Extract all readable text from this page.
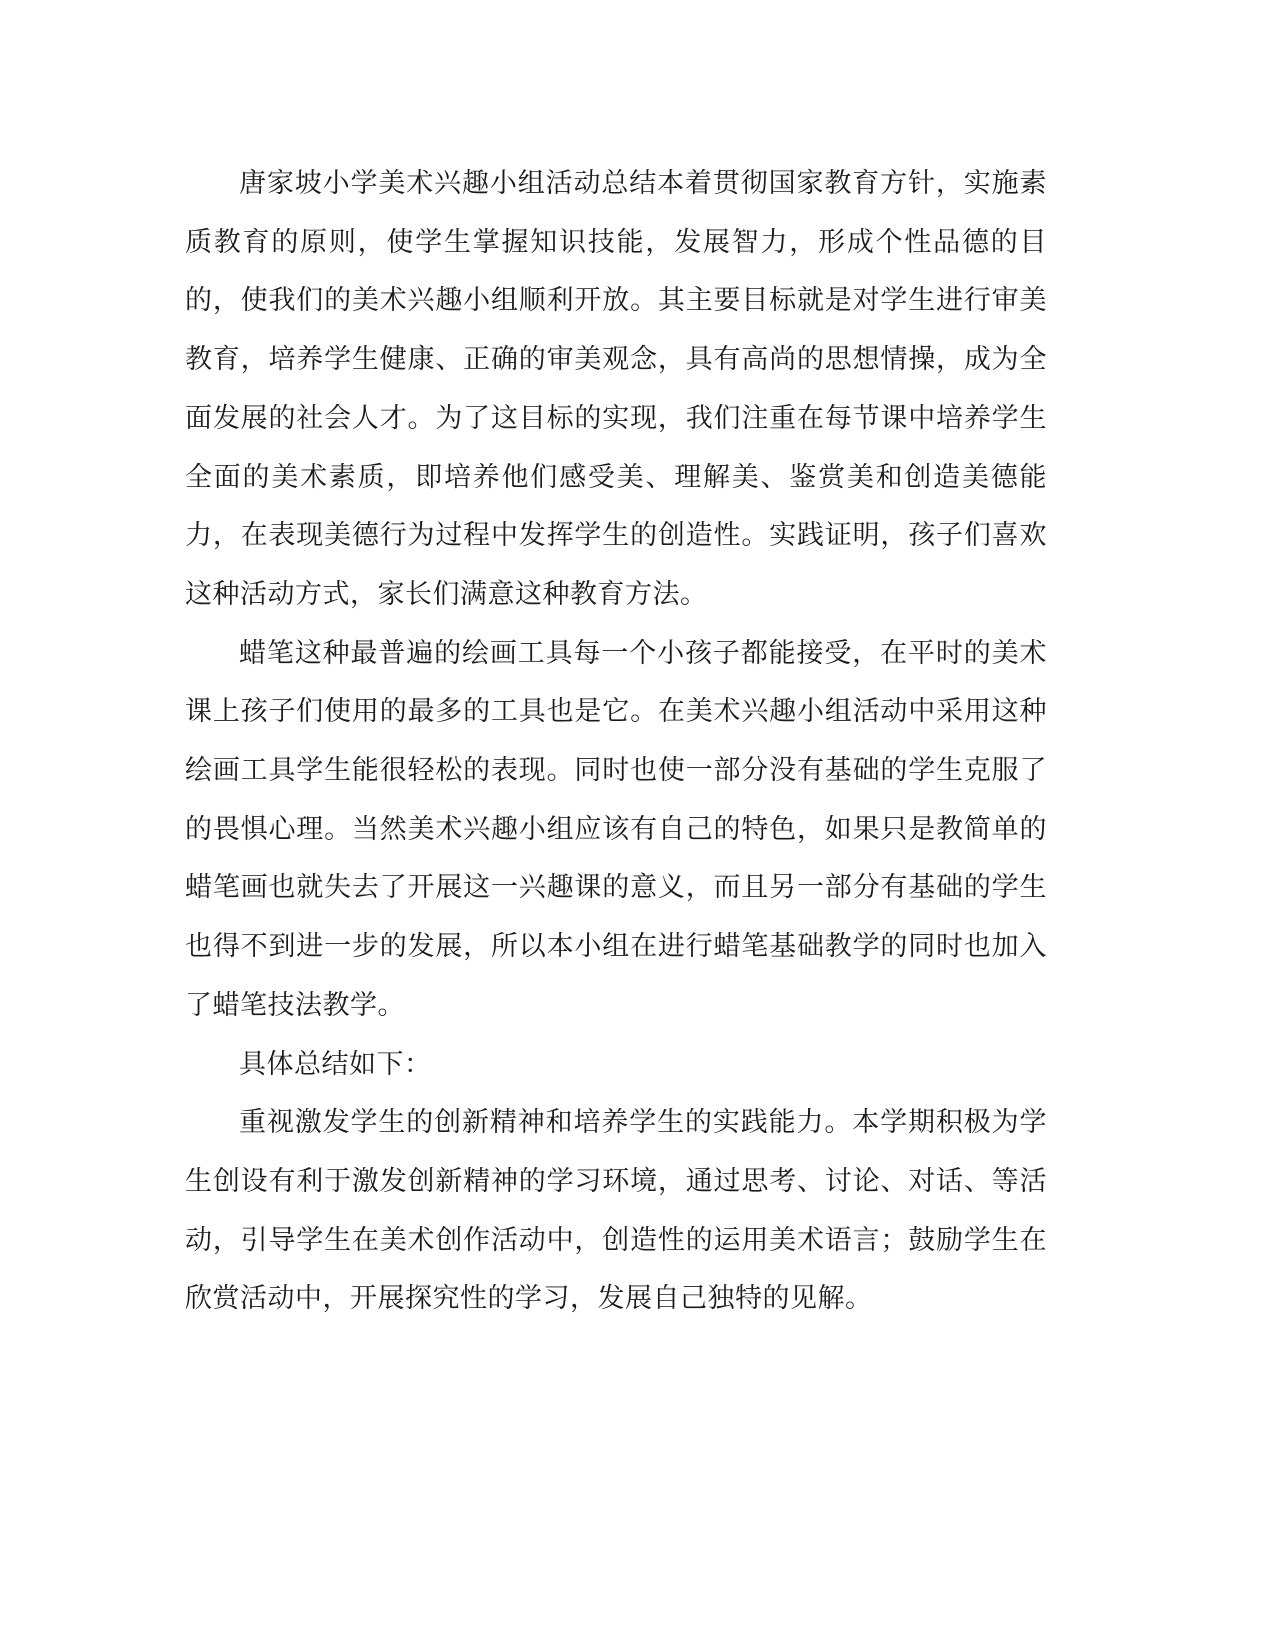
唐家坡小学美术兴趣小组活动总结本着贯彻国家教育方针，实施素质教育的原则，使学生掌握知识技能，发展智力，形成个性品德的目的，使我们的美术兴趣小组顺利开放。其主要目标就是对学生进行审美教育，培养学生健康、正确的审美观念，具有高尚的思想情操，成为全面发展的社会人才。为了这目标的实现，我们注重在每节课中培养学生全面的美术素质，即培养他们感受美、理解美、鉴赏美和创造美德能力，在表现美德行为过程中发挥学生的创造性。实践证明，孩子们喜欢这种活动方式，家长们满意这种教育方法。

蜡笔这种最普遍的绘画工具每一个小孩子都能接受，在平时的美术课上孩子们使用的最多的工具也是它。在美术兴趣小组活动中采用这种绘画工具学生能很轻松的表现。同时也使一部分没有基础的学生克服了的畏惧心理。当然美术兴趣小组应该有自己的特色，如果只是教简单的蜡笔画也就失去了开展这一兴趣课的意义，而且另一部分有基础的学生也得不到进一步的发展，所以本小组在进行蜡笔基础教学的同时也加入了蜡笔技法教学。

具体总结如下：

重视激发学生的创新精神和培养学生的实践能力。本学期积极为学生创设有利于激发创新精神的学习环境，通过思考、讨论、对话、等活动，引导学生在美术创作活动中，创造性的运用美术语言；鼓励学生在欣赏活动中，开展探究性的学习，发展自己独特的见解。
